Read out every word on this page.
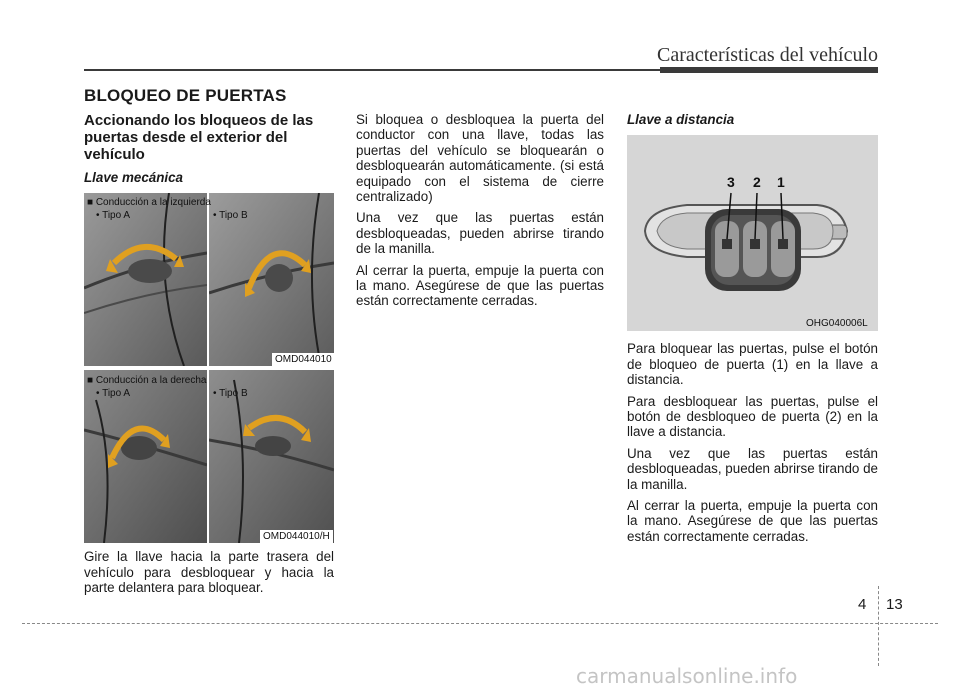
Características del vehículo
BLOQUEO DE PUERTAS
Accionando los bloqueos de las puertas desde el exterior del vehículo
Llave mecánica
■ Conducción a la izquierda
• Tipo A	• Tipo B
OMD044010
■ Conducción a la derecha
• Tipo A	• Tipo B
OMD044010/H

Gire la llave hacia la parte trasera del vehículo para desbloquear y hacia la parte delantera para bloquear.

Si bloquea o desbloquea la puerta del conductor con una llave, todas las puertas del vehículo se bloquearán o desbloquearán automáticamente. (si está equipado con el sistema de cierre centralizado)

Una vez que las puertas están desbloqueadas, pueden abrirse tirando de la manilla.

Al cerrar la puerta, empuje la puerta con la mano. Asegúrese de que las puertas están correctamente cerradas.

Llave a distancia
3 2 1
OHG040006L

Para bloquear las puertas, pulse el botón de bloqueo de puerta (1) en la llave a distancia.

Para desbloquear las puertas, pulse el botón de desbloqueo de puerta (2) en la llave a distancia.

Una vez que las puertas están desbloqueadas, pueden abrirse tirando de la manilla.

Al cerrar la puerta, empuje la puerta con la mano. Asegúrese de que las puertas están correctamente cerradas.

4 13
carmanualsonline.info
